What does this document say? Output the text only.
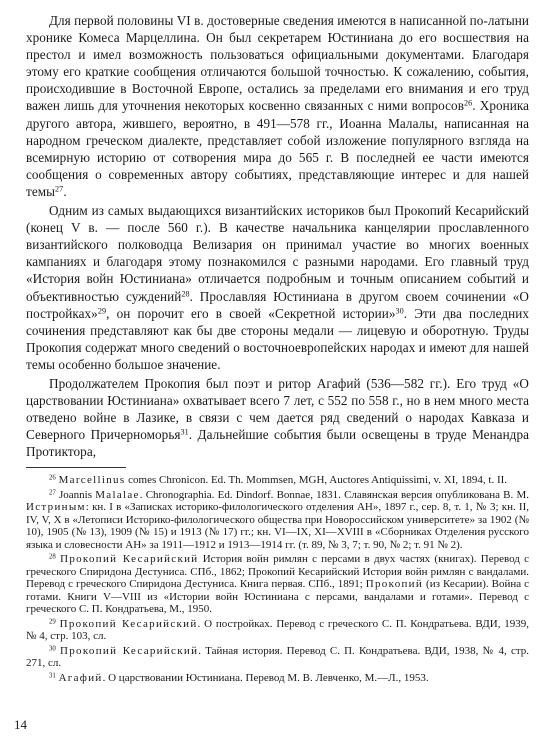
Для первой половины VI в. достоверные сведения имеются в написанной по-латыни хронике Комеса Марцеллина. Он был секретарем Юстиниана до его восшествия на престол и имел возможность пользоваться официальными документами. Благодаря этому его краткие сообщения отличаются большой точностью. К сожалению, события, происходившие в Восточной Европе, остались за пределами его внимания и его труд важен лишь для уточнения некоторых косвенно связанных с ними вопросов$^{26}$. Хроника другого автора, жившего, вероятно, в 491—578 гг., Иоанна Малалы, написанная на народном греческом диалекте, представляет собой изложение популярного взгляда на всемирную историю от сотворения мира до 565 г. В последней ее части имеются сообщения о современных автору событиях, представляющие интерес и для нашей темы$^{27}$.

Одним из самых выдающихся византийских историков был Прокопий Кесарийский (конец V в. — после 560 г.). В качестве начальника канцелярии прославленного византийского полководца Велизария он принимал участие во многих военных кампаниях и благодаря этому познакомился с разными народами. Его главный труд «История войн Юстиниана» отличается подробным и точным описанием событий и объективностью суждений$^{28}$. Прославляя Юстиниана в другом своем сочинении «О постройках»$^{29}$, он порочит его в своей «Секретной истории»$^{30}$. Эти два последних сочинения представляют как бы две стороны медали — лицевую и оборотную. Труды Прокопия содержат много сведений о восточноевропейских народах и имеют для нашей темы особенно большое значение.

Продолжателем Прокопия был поэт и ритор Агафий (536—582 гг.). Его труд «О царствовании Юстиниана» охватывает всего 7 лет, с 552 по 558 г., но в нем много места отведено войне в Лазике, в связи с чем дается ряд сведений о народах Кавказа и Северного Причерноморья$^{31}$. Дальнейшие события были освещены в труде Менандра Протиктора,

$^{26}$ Marcellinus comes Chronicon. Ed. Th. Mommsen, MGH, Auctores Antiquissimi, v. XI, 1894, t. II.

$^{27}$ Joannis Malalae. Chronographia. Ed. Dindorf. Bonnae, 1831. Славянская версия опубликована В. М. Истриным: кн. I в «Записках историко-филологического отделения АН», 1897 г., сер. 8, т. 1, № 3; кн. II, IV, V, X в «Летописи Историко-филологического общества при Новороссийском университете» за 1902 (№ 10), 1905 (№ 13), 1909 (№ 15) и 1913 (№ 17) гг.; кн. VI—IX, XI—XVIII в «Сборниках Отделения русского языка и словесности АН» за 1911—1912 и 1913—1914 гг. (т. 89, № 3, 7; т. 90, № 2; т. 91 № 2).

$^{28}$ Прокопий Кесарийский История войн римлян с персами в двух частях (книгах). Перевод с греческого Спиридона Дестуниса. СПб., 1862; Прокопий Кесарийский История войн римлян с вандалами. Перевод с греческого Спиридона Дестуниса. Книга первая. СПб., 1891; Прокопий (из Кесарии). Война с готами. Книги V—VIII из «Истории войн Юстиниана с персами, вандалами и готами». Перевод с греческого С. П. Кондратьева, М., 1950.

$^{29}$ Прокопий Кесарийский. О постройках. Перевод с греческого С. П. Кондратьева. ВДИ, 1939, № 4, стр. 103, сл.

$^{30}$ Прокопий Кесарийский. Тайная история. Перевод С. П. Кондратьева. ВДИ, 1938, № 4, стр. 271, сл.

$^{31}$ Агафий. О царствовании Юстиниана. Перевод М. В. Левченко, М.—Л., 1953.

14
